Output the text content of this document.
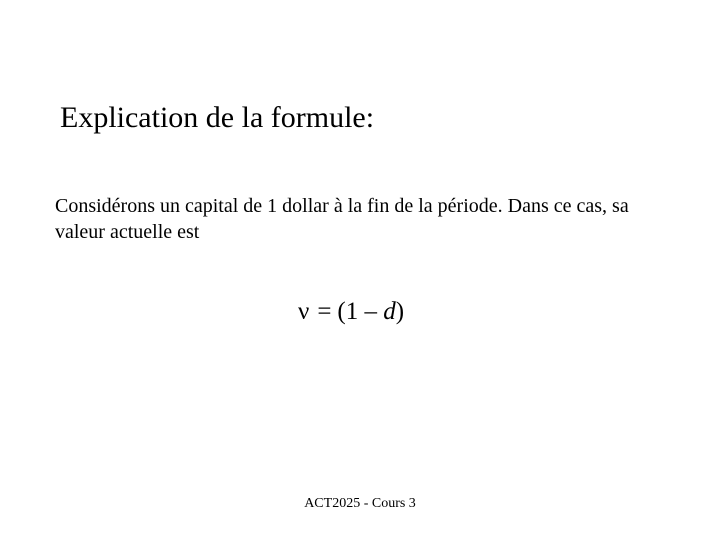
Explication de la formule:
Considérons un capital de 1 dollar à la fin de la période. Dans ce cas, sa valeur actuelle est
ν = (1 – d)
ACT2025 - Cours 3
